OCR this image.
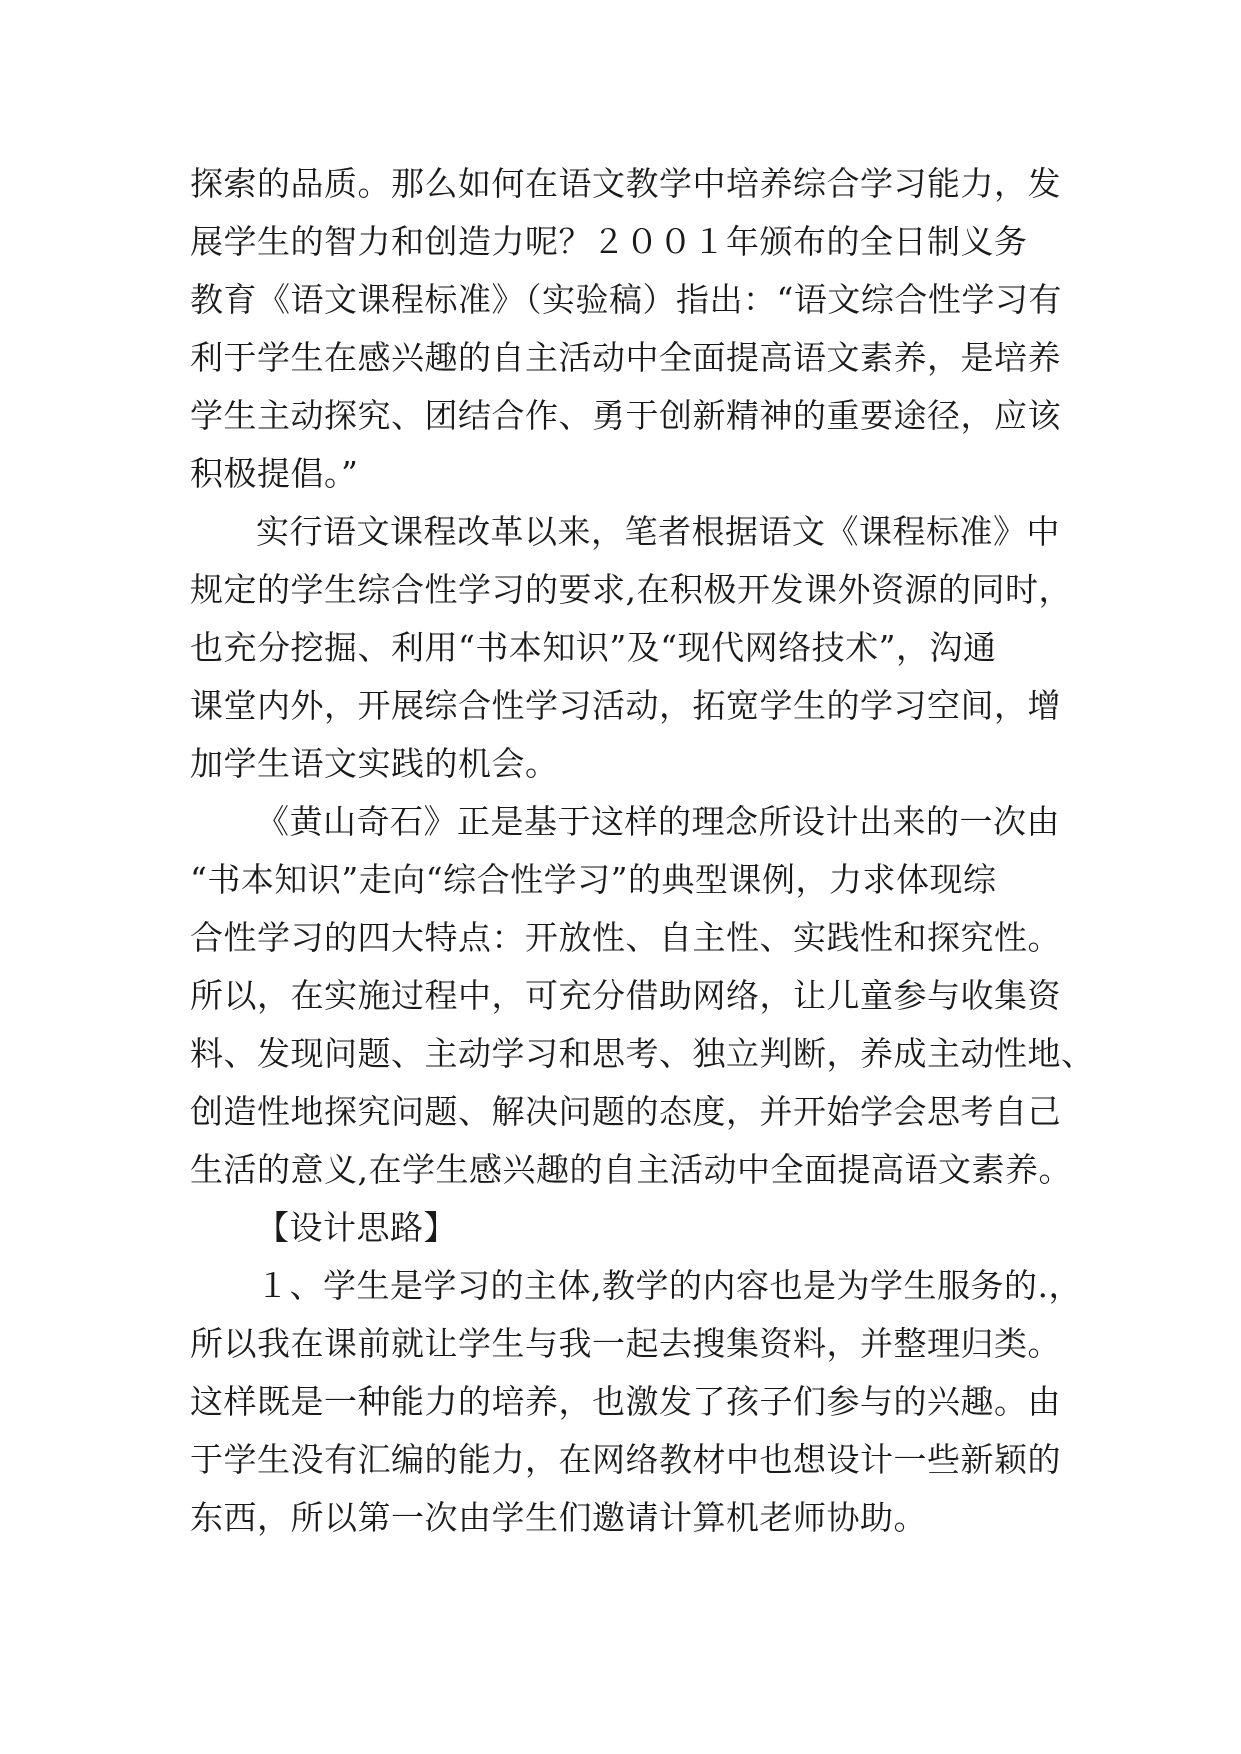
探索的品质。那么如何在语文教学中培养综合学习能力，发
展学生的智力和创造力呢？２００１年颁布的全日制义务
教育《语文课程标准》（实验稿）指出：“语文综合性学习有
利于学生在感兴趣的自主活动中全面提高语文素养，是培养
学生主动探究、团结合作、勇于创新精神的重要途径，应该
积极提倡。”
实行语文课程改革以来，笔者根据语文《课程标准》中
规定的学生综合性学习的要求,在积极开发课外资源的同时，
也充分挖掘、利用“书本知识”及“现代网络技术”，沟通
课堂内外，开展综合性学习活动，拓宽学生的学习空间，增
加学生语文实践的机会。
《黄山奇石》正是基于这样的理念所设计出来的一次由
“书本知识”走向“综合性学习”的典型课例，力求体现综
合性学习的四大特点：开放性、自主性、实践性和探究性。
所以，在实施过程中，可充分借助网络，让儿童参与收集资
料、发现问题、主动学习和思考、独立判断，养成主动性地、
创造性地探究问题、解决问题的态度，并开始学会思考自己
生活的意义,在学生感兴趣的自主活动中全面提高语文素养。
【设计思路】
１、学生是学习的主体,教学的内容也是为学生服务的.，
所以我在课前就让学生与我一起去搜集资料，并整理归类。
这样既是一种能力的培养，也激发了孩子们参与的兴趣。由
于学生没有汇编的能力，在网络教材中也想设计一些新颖的
东西，所以第一次由学生们邀请计算机老师协助。
